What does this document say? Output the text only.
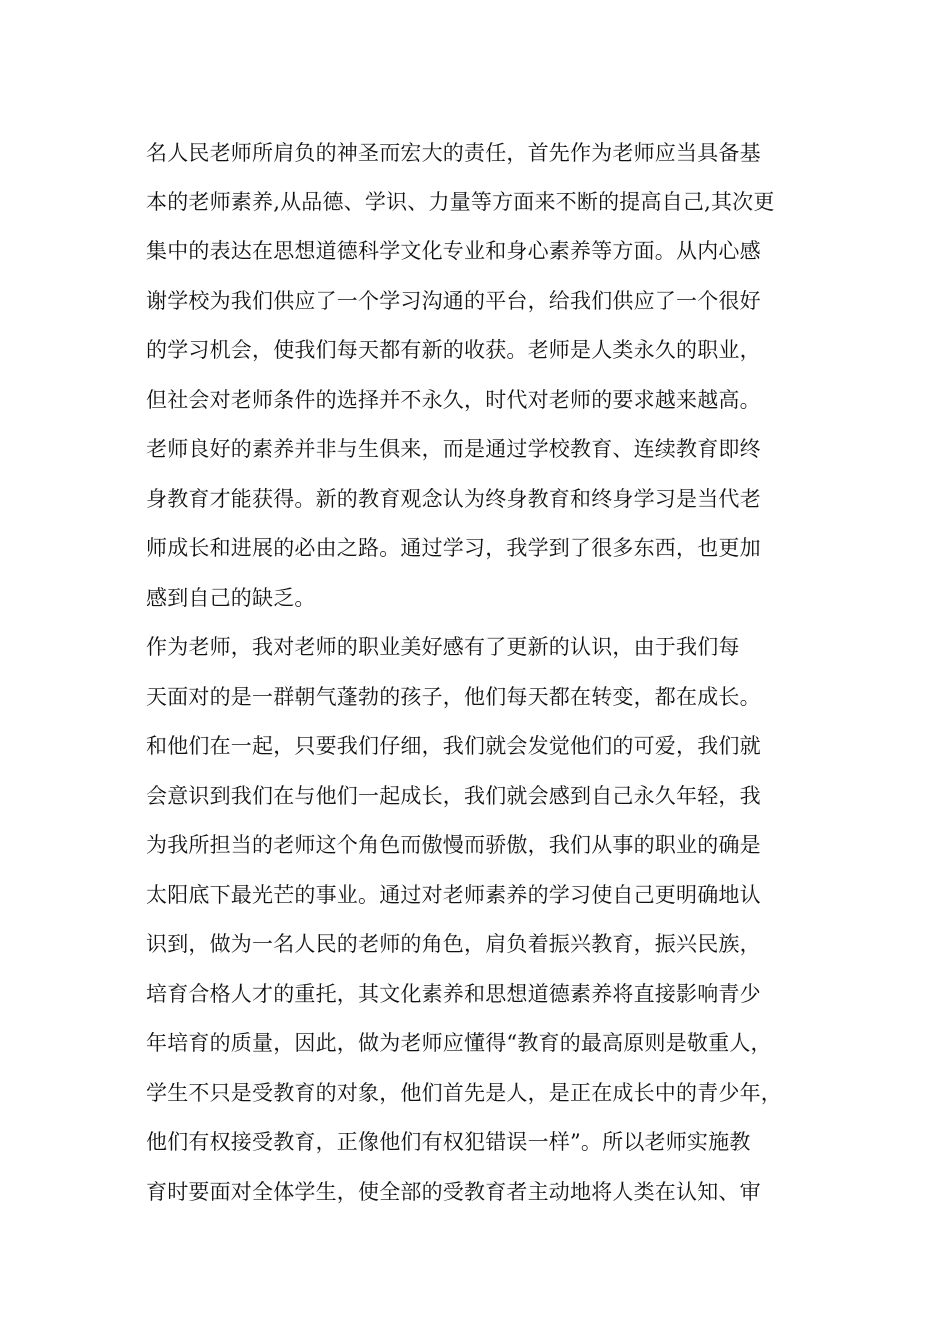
名人民老师所肩负的神圣而宏大的责任，首先作为老师应当具备基
本的老师素养,从品德、学识、力量等方面来不断的提高自己,其次更
集中的表达在思想道德科学文化专业和身心素养等方面。从内心感
谢学校为我们供应了一个学习沟通的平台，给我们供应了一个很好
的学习机会，使我们每天都有新的收获。老师是人类永久的职业，
但社会对老师条件的选择并不永久，时代对老师的要求越来越高。
老师良好的素养并非与生俱来，而是通过学校教育、连续教育即终
身教育才能获得。新的教育观念认为终身教育和终身学习是当代老
师成长和进展的必由之路。通过学习，我学到了很多东西，也更加
感到自己的缺乏。
作为老师，我对老师的职业美好感有了更新的认识，由于我们每
天面对的是一群朝气蓬勃的孩子，他们每天都在转变，都在成长。
和他们在一起，只要我们仔细，我们就会发觉他们的可爱，我们就
会意识到我们在与他们一起成长，我们就会感到自己永久年轻，我
为我所担当的老师这个角色而傲慢而骄傲，我们从事的职业的确是
太阳底下最光芒的事业。通过对老师素养的学习使自己更明确地认
识到，做为一名人民的老师的角色，肩负着振兴教育，振兴民族，
培育合格人才的重托，其文化素养和思想道德素养将直接影响青少
年培育的质量，因此，做为老师应懂得“教育的最高原则是敬重人，
学生不只是受教育的对象，他们首先是人，是正在成长中的青少年，
他们有权接受教育，正像他们有权犯错误一样”。所以老师实施教
育时要面对全体学生，使全部的受教育者主动地将人类在认知、审
